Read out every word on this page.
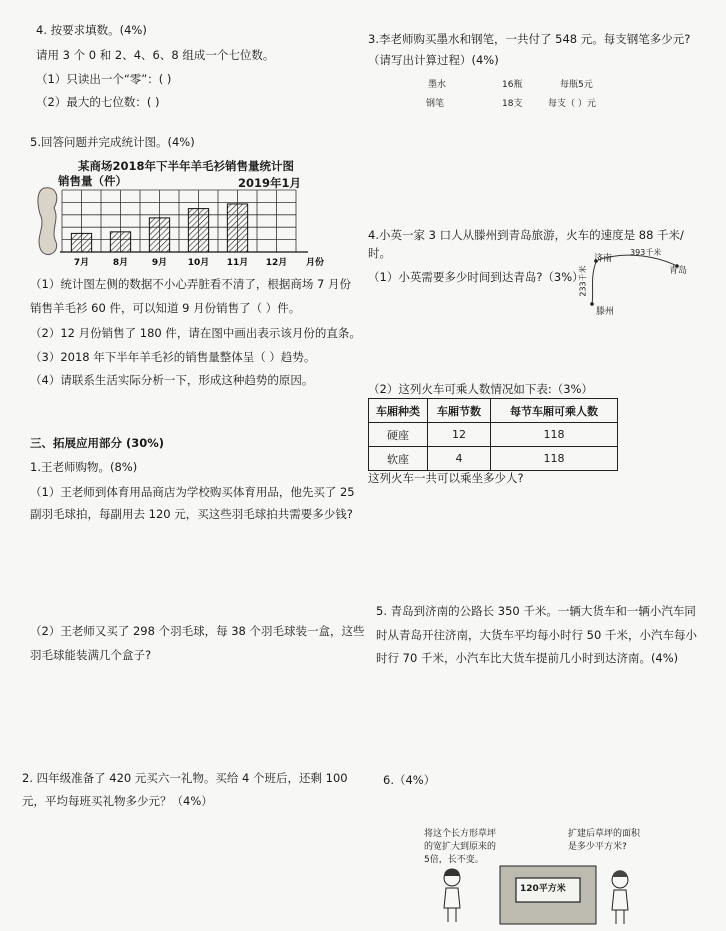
4. 按要求填数。(4%)
请用 3 个 0 和 2、4、6、8 组成一个七位数。
（1）只读出一个“零”：( )
（2）最大的七位数：( )
5.回答问题并完成统计图。(4%)
某商场2018年下半年羊毛衫销售量统计图
销售量（件）	2019年1月
7月	8月	9月 10月 11月 12月 月份
（1）统计图左侧的数据不小心弄脏看不清了，根据商场 7 月份
销售羊毛衫 60 件，可以知道 9 月份销售了（ ）件。
（2）12 月份销售了 180 件，请在图中画出表示该月份的直条。
（3）2018 年下半年羊毛衫的销售量整体呈（ ）趋势。
（4）请联系生活实际分析一下，形成这种趋势的原因。
三、拓展应用部分 (30%)
1.王老师购物。(8%)
（1）王老师到体育用品商店为学校购买体育用品，他先买了 25
副羽毛球拍，每副用去 120 元，买这些羽毛球拍共需要多少钱?
（2）王老师又买了 298 个羽毛球，每 38 个羽毛球装一盒，这些
羽毛球能装满几个盒子?
2. 四年级准备了 420 元买六一礼物。买给 4 个班后，还剩 100
元，平均每班买礼物多少元？（4%）
3.李老师购买墨水和钢笔，一共付了 548 元。每支钢笔多少元?
（请写出计算过程）(4%)
墨水	16瓶	每瓶5元
钢笔	18支	每支（ ）元
4.小英一家 3 口人从滕州到青岛旅游，火车的速度是 88 千米/
时。
（1）小英需要多少时间到达青岛?（3%）
济南
青岛
滕州
393千米
233千米
（2）这列火车可乘人数情况如下表:（3%）
车厢种类	车厢节数	每节车厢可乘人数
硬座	12	118
软座	4	118
这列火车一共可以乘坐多少人?
5. 青岛到济南的公路长 350 千米。一辆大货车和一辆小汽车同
时从青岛开往济南，大货车平均每小时行 50 千米，小汽车每小
时行 70 千米，小汽车比大货车提前几小时到达济南。(4%)
6.（4%）
将这个长方形草坪
的宽扩大到原来的
5倍，长不变。
扩建后草坪的面积
是多少平方米?
120平方米
